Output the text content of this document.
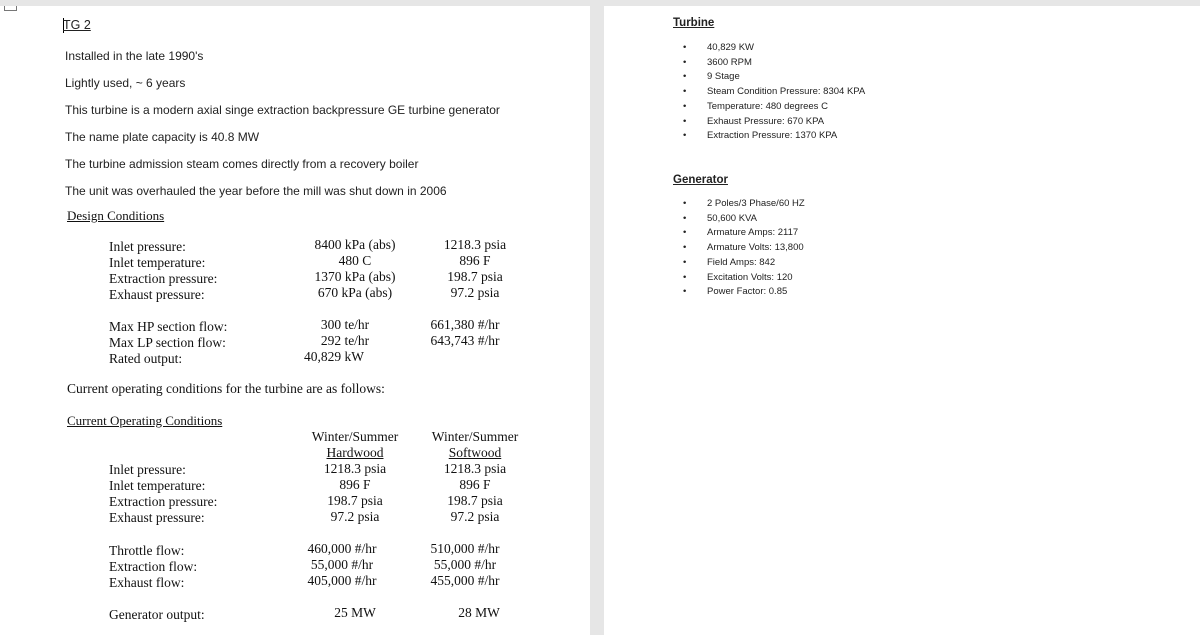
TG 2
Installed in the late 1990's
Lightly used, ~ 6 years
This turbine is a modern axial singe extraction backpressure GE turbine generator
The name plate capacity is 40.8 MW
The turbine admission steam comes directly from a recovery boiler
The unit was overhauled the year before the mill was shut down in 2006
Design Conditions
Inlet pressure:
Inlet temperature:
Extraction pressure:
Exhaust pressure:
8400 kPa (abs)
480 C
1370 kPa (abs)
670 kPa (abs)
1218.3 psia
896 F
198.7 psia
97.2 psia
Max HP section flow:
Max LP section flow:
Rated output:
300 te/hr
292 te/hr
40,829 kW
661,380 #/hr
643,743 #/hr
Current operating conditions for the turbine are as follows:
Current Operating Conditions
Winter/Summer
Hardwood
Winter/Summer
Softwood
Inlet pressure:
Inlet temperature:
Extraction pressure:
Exhaust pressure:
1218.3 psia
896 F
198.7 psia
97.2 psia
1218.3 psia
896 F
198.7 psia
97.2 psia
Throttle flow:
Extraction flow:
Exhaust flow:
460,000 #/hr
55,000 #/hr
405,000 #/hr
510,000 #/hr
55,000 #/hr
455,000 #/hr
Generator output:	25 MW	28 MW
Turbine
• 40,829 KW
• 3600 RPM
• 9 Stage
• Steam Condition Pressure: 8304 KPA
• Temperature: 480 degrees C
• Exhaust Pressure: 670 KPA
• Extraction Pressure: 1370 KPA
Generator
• 2 Poles/3 Phase/60 HZ
• 50,600 KVA
• Armature Amps: 2117
• Armature Volts: 13,800
• Field Amps: 842
• Excitation Volts: 120
• Power Factor: 0.85
